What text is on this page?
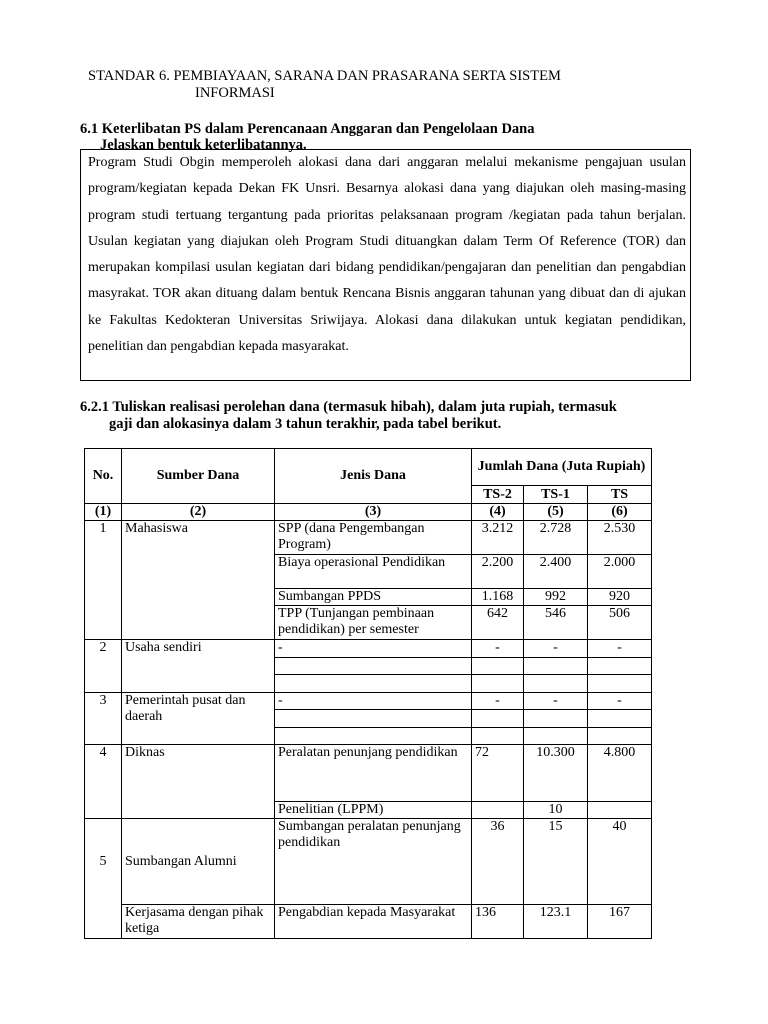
STANDAR 6. PEMBIAYAAN, SARANA DAN PRASARANA SERTA SISTEM
INFORMASI
6.1 Keterlibatan PS dalam Perencanaan Anggaran dan Pengelolaan Dana
Jelaskan bentuk keterlibatannya.
Program Studi Obgin memperoleh alokasi dana dari anggaran melalui mekanisme pengajuan usulan program/kegiatan kepada Dekan FK Unsri. Besarnya alokasi dana yang diajukan oleh masing-masing program studi tertuang tergantung pada prioritas pelaksanaan program /kegiatan pada tahun berjalan. Usulan kegiatan yang diajukan oleh Program Studi dituangkan dalam Term Of Reference (TOR) dan merupakan kompilasi usulan kegiatan dari bidang pendidikan/pengajaran dan penelitian dan pengabdian masyrakat. TOR akan dituang dalam bentuk Rencana Bisnis anggaran tahunan yang dibuat dan di ajukan ke Fakultas Kedokteran Universitas Sriwijaya. Alokasi dana dilakukan untuk kegiatan pendidikan, penelitian dan pengabdian kepada masyarakat.
6.2.1 Tuliskan realisasi perolehan dana (termasuk hibah), dalam juta rupiah, termasuk
gaji dan alokasinya dalam 3 tahun terakhir, pada tabel berikut.
No.	Sumber Dana	Jenis Dana	Jumlah Dana (Juta Rupiah)		
			TS-2	TS-1	TS
(1)	(2)	(3)	(4)	(5)	(6)
1	Mahasiswa	SPP (dana Pengembangan Program)	3.212	2.728	2.530
		Biaya operasional Pendidikan	2.200	2.400	2.000
		Sumbangan PPDS	1.168	992	920
		TPP (Tunjangan pembinaan pendidikan) per semester	642	546	506
2	Usaha sendiri	-	-	-	-

3	Pemerintah pusat dan daerah	-	-	-	-

4	Diknas	Peralatan penunjang pendidikan	72	10.300	4.800
		Penelitian (LPPM)		10	
5	Sumbangan Alumni	Sumbangan peralatan penunjang pendidikan	36	15	40
	Kerjasama dengan pihak ketiga	Pengabdian kepada Masyarakat	136	123.1	167
